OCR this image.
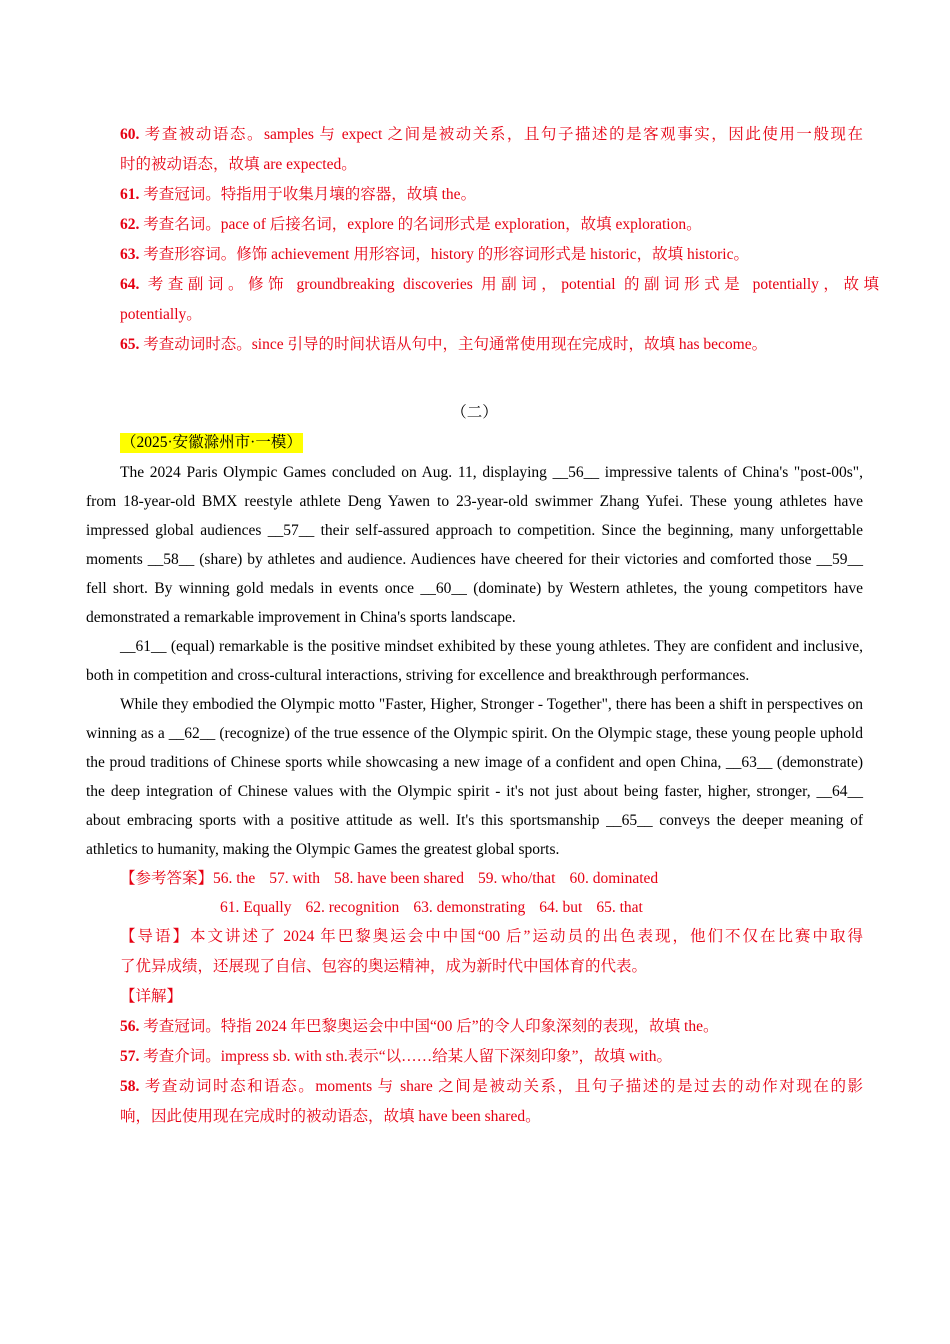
60. 考查被动语态。samples 与 expect 之间是被动关系，且句子描述的是客观事实，因此使用一般现在

时的被动语态，故填 are expected。

61. 考查冠词。特指用于收集月壤的容器，故填 the。

62. 考查名词。pace of 后接名词，explore 的名词形式是 exploration，故填 exploration。

63. 考查形容词。修饰 achievement 用形容词，history 的形容词形式是 historic，故填 historic。

64. 考查副词。修饰 groundbreaking discoveries 用副词，potential 的副词形式是 potentially，故填

potentially。

65. 考查动词时态。since 引导的时间状语从句中，主句通常使用现在完成时，故填 has become。

（二）
（2025·安徽滁州市·一模）

The 2024 Paris Olympic Games concluded on Aug. 11, displaying __56__ impressive talents of China's "post-00s", from 18-year-old BMX reestyle athlete Deng Yawen to 23-year-old swimmer Zhang Yufei. These young athletes have impressed global audiences __57__ their self-assured approach to competition. Since the beginning, many unforgettable moments __58__ (share) by athletes and audience. Audiences have cheered for their victories and comforted those __59__ fell short. By winning gold medals in events once __60__ (dominate) by Western athletes, the young competitors have demonstrated a remarkable improvement in China's sports landscape.

__61__ (equal) remarkable is the positive mindset exhibited by these young athletes. They are confident and inclusive, both in competition and cross-cultural interactions, striving for excellence and breakthrough performances.

While they embodied the Olympic motto "Faster, Higher, Stronger - Together", there has been a shift in perspectives on winning as a __62__ (recognize) of the true essence of the Olympic spirit. On the Olympic stage, these young people uphold the proud traditions of Chinese sports while showcasing a new image of a confident and open China, __63__ (demonstrate) the deep integration of Chinese values with the Olympic spirit - it's not just about being faster, higher, stronger, __64__ about embracing sports with a positive attitude as well. It's this sportsmanship __65__ conveys the deeper meaning of athletics to humanity, making the Olympic Games the greatest global sports.

【参考答案】56. the 57. with 58. have been shared 59. who/that 60. dominated

61. Equally 62. recognition 63. demonstrating 64. but 65. that

【导语】本文讲述了 2024 年巴黎奥运会中中国“00 后”运动员的出色表现，他们不仅在比赛中取得

了优异成绩，还展现了自信、包容的奥运精神，成为新时代中国体育的代表。

【详解】

56. 考查冠词。特指 2024 年巴黎奥运会中中国“00 后”的令人印象深刻的表现，故填 the。

57. 考查介词。impress sb. with sth.表示“以……给某人留下深刻印象”，故填 with。

58. 考查动词时态和语态。moments 与 share 之间是被动关系，且句子描述的是过去的动作对现在的影

响，因此使用现在完成时的被动语态，故填 have been shared。
